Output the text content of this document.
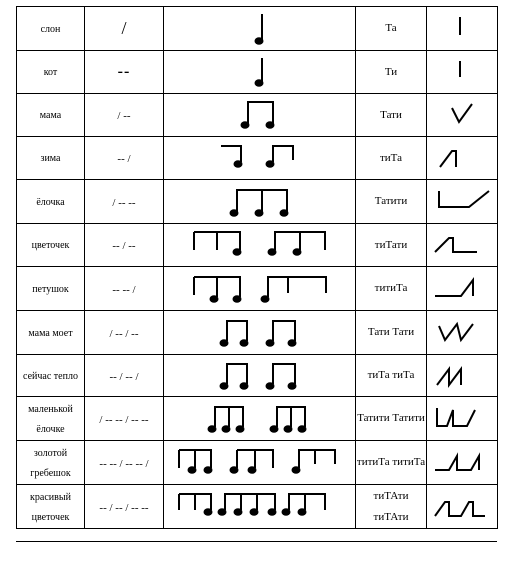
слон	/		Та	

кот	--		Ти	

мама	/ --		Тати	

зима	-- /		тиТа	

ёлочка	/ -- --		Татити	

цветочек	-- / --		тиТати	

петушок	-- -- /		титиТа	

мама моет	/ -- / --		Тати Тати	

сейчас тепло	-- / -- /		тиТа тиТа	

маленькой ёлочке	/ -- -- / -- --		Татити Татити	

золотой гребешок	-- -- / -- -- /		титиТа титиТа	

красивый цветочек	-- / -- / -- --		тиТАти тиТАти	
